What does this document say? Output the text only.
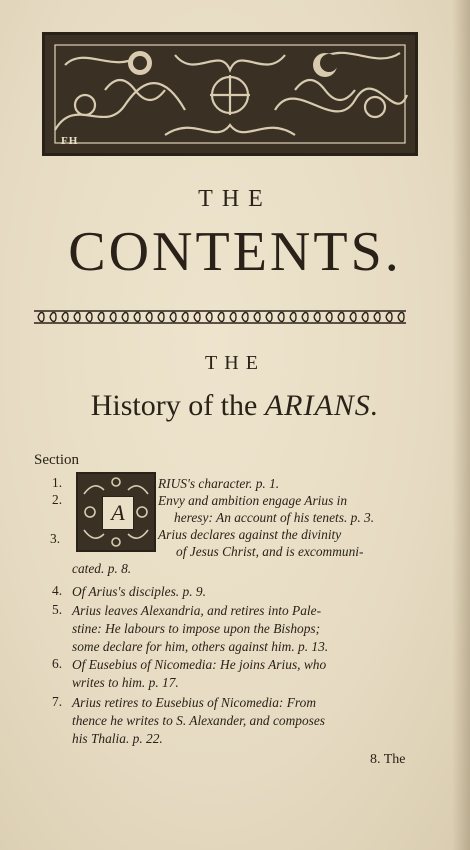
FH
THE
CONTENTS.
THE
History of the ARIANS.
Section
A
1.	RIUS's character. p. 1.
2.	Envy and ambition engage Arius in
heresy: An account of his tenets. p. 3.
3.	Arius declares against the divinity
of Jesus Christ, and is excommuni-
cated. p. 8.
4. Of Arius's disciples. p. 9.
5. Arius leaves Alexandria, and retires into Pale-
stine: He labours to impose upon the Bishops;
some declare for him, others against him. p. 13.
6. Of Eusebius of Nicomedia: He joins Arius, who
writes to him. p. 17.
7. Arius retires to Eusebius of Nicomedia: From
thence he writes to S. Alexander, and composes
his Thalia. p. 22.
8. The
